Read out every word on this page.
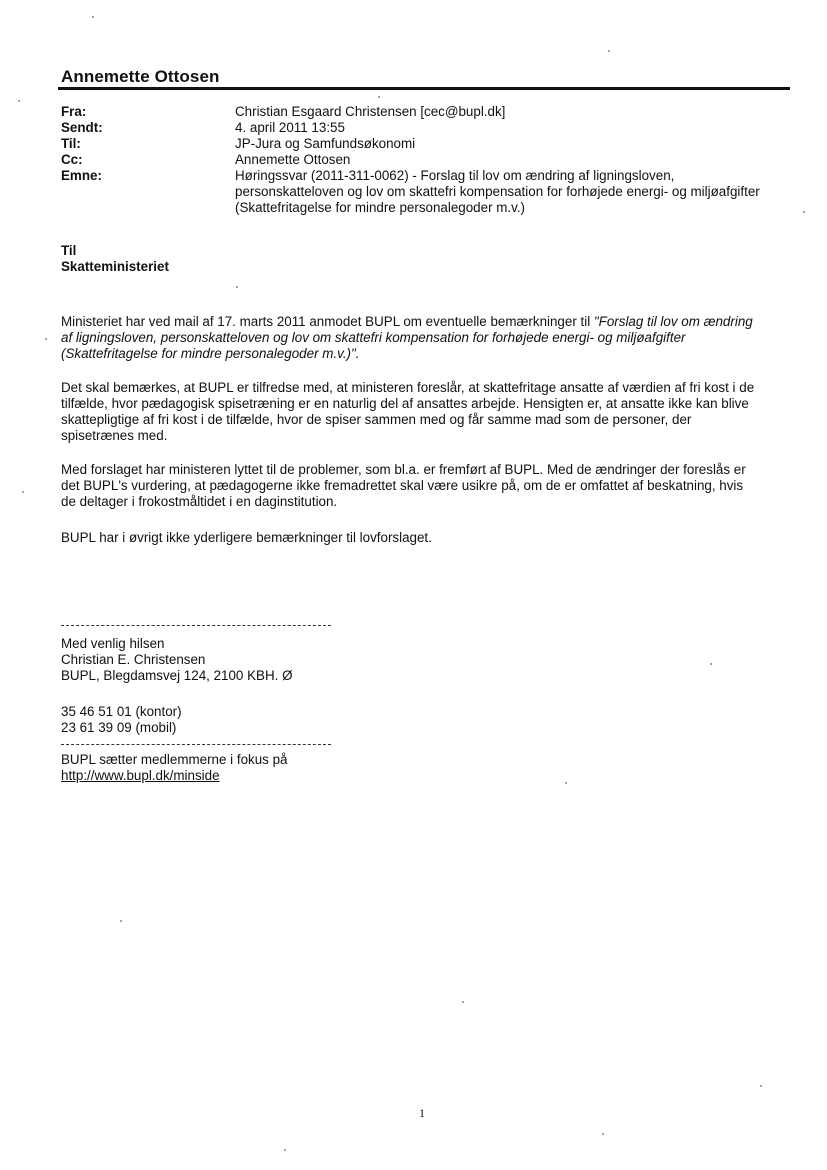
Annemette Ottosen
Fra:	Christian Esgaard Christensen [cec@bupl.dk]
Sendt:	4. april 2011 13:55
Til:	JP-Jura og Samfundsøkonomi
Cc:	Annemette Ottosen
Emne:	Høringssvar (2011-311-0062) - Forslag til lov om ændring af ligningsloven,
personskatteloven og lov om skattefri kompensation for forhøjede energi- og miljøafgifter
(Skattefritagelse for mindre personalegoder m.v.)
Til
Skatteministeriet
Ministeriet har ved mail af 17. marts 2011 anmodet BUPL om eventuelle bemærkninger til "Forslag til lov om ændring
af ligningsloven, personskatteloven og lov om skattefri kompensation for forhøjede energi- og miljøafgifter
(Skattefritagelse for mindre personalegoder m.v.)".
Det skal bemærkes, at BUPL er tilfredse med, at ministeren foreslår, at skattefritage ansatte af værdien af fri kost i de
tilfælde, hvor pædagogisk spisetræning er en naturlig del af ansattes arbejde. Hensigten er, at ansatte ikke kan blive
skattepligtige af fri kost i de tilfælde, hvor de spiser sammen med og får samme mad som de personer, der
spisetrænes med.
Med forslaget har ministeren lyttet til de problemer, som bl.a. er fremført af BUPL. Med de ændringer der foreslås er
det BUPL's vurdering, at pædagogerne ikke fremadrettet skal være usikre på, om de er omfattet af beskatning, hvis
de deltager i frokostmåltidet i en daginstitution.
BUPL har i øvrigt ikke yderligere bemærkninger til lovforslaget.
Med venlig hilsen
Christian E. Christensen
BUPL, Blegdamsvej 124, 2100 KBH. Ø
35 46 51 01 (kontor)
23 61 39 09 (mobil)
BUPL sætter medlemmerne i fokus på
http://www.bupl.dk/minside
1
